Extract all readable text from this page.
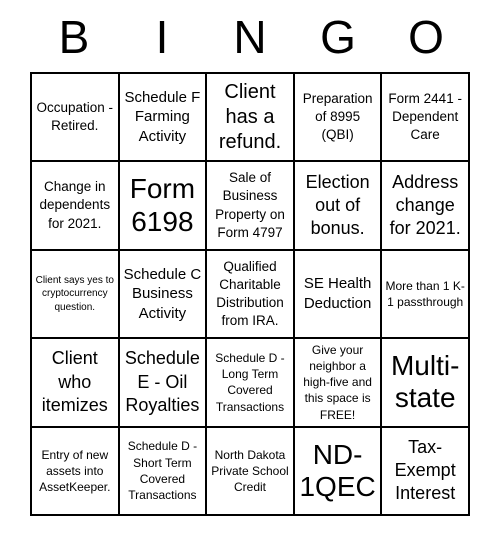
B	I	N	G	O
Occupation - Retired.
Schedule F Farming Activity
Client has a refund.
Preparation of 8995 (QBI)
Form 2441 - Dependent Care
Change in dependents for 2021.
Form 6198
Sale of Business Property on Form 4797
Election out of bonus.
Address change for 2021.
Client says yes to cryptocurrency question.
Schedule C Business Activity
Qualified Charitable Distribution from IRA.
SE Health Deduction
More than 1 K-1 passthrough
Client who itemizes
Schedule E - Oil Royalties
Schedule D - Long Term Covered Transactions
Give your neighbor a high-five and this space is FREE!
Multi-state
Entry of new assets into AssetKeeper.
Schedule D - Short Term Covered Transactions
North Dakota Private School Credit
ND-1QEC
Tax-Exempt Interest
